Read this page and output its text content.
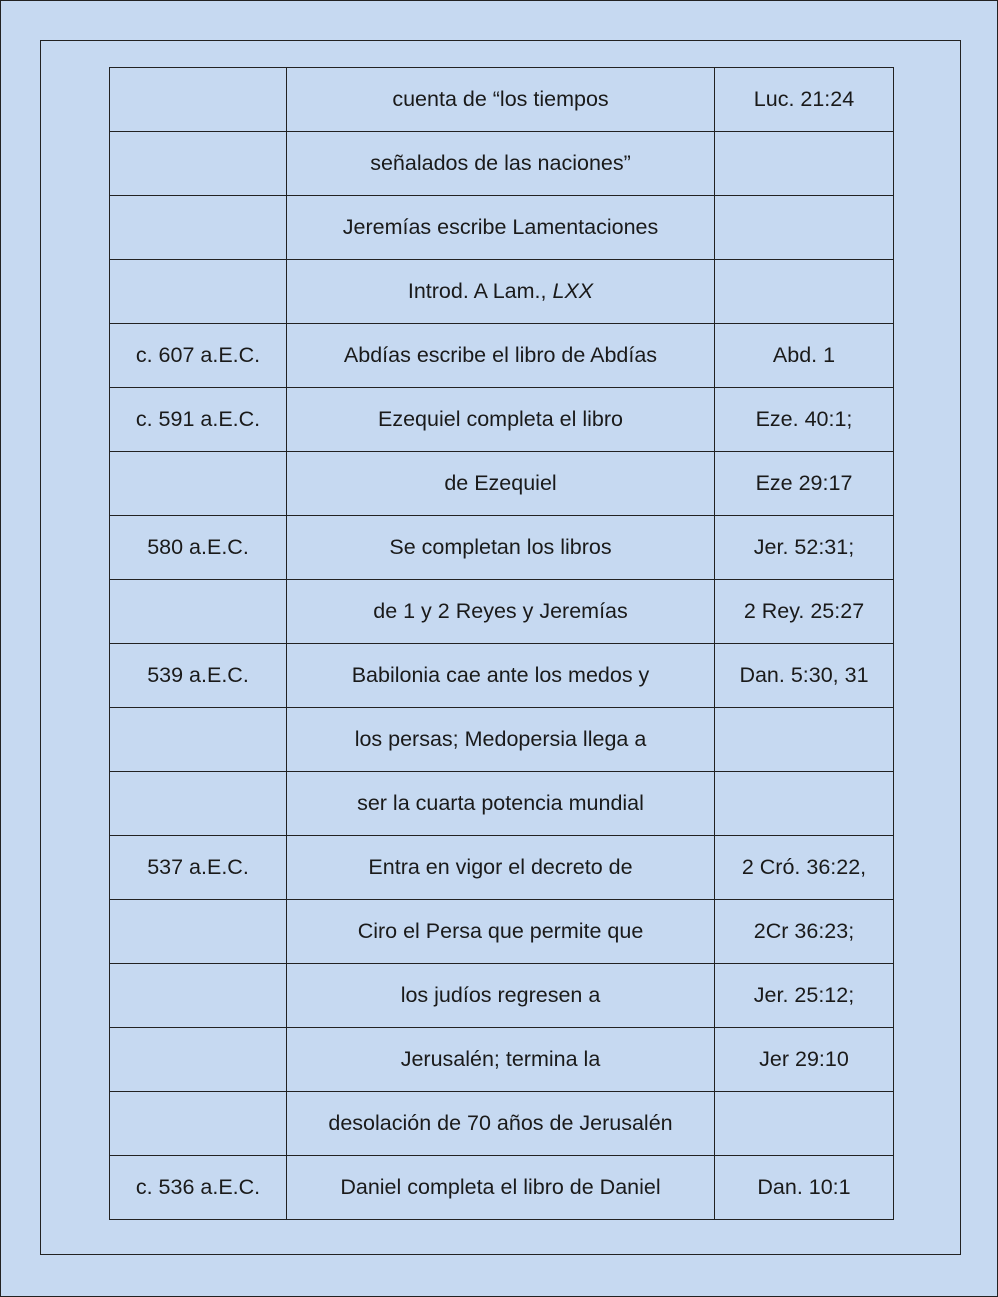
	cuenta de “los tiempos	Luc. 21:24
	señalados de las naciones”	
	Jeremías escribe Lamentaciones	
	Introd. A Lam., LXX	
c. 607 a.E.C.	Abdías escribe el libro de Abdías	Abd. 1
c. 591 a.E.C.	Ezequiel completa el libro	Eze. 40:1;
	de Ezequiel	Eze 29:17
580 a.E.C.	Se completan los libros	Jer. 52:31;
	de 1 y 2 Reyes y Jeremías	2 Rey. 25:27
539 a.E.C.	Babilonia cae ante los medos y	Dan. 5:30, 31
	los persas; Medopersia llega a	
	ser la cuarta potencia mundial	
537 a.E.C.	Entra en vigor el decreto de	2 Cró. 36:22,
	Ciro el Persa que permite que	2Cr 36:23;
	los judíos regresen a	Jer. 25:12;
	Jerusalén; termina la	Jer 29:10
	desolación de 70 años de Jerusalén	
c. 536 a.E.C.	Daniel completa el libro de Daniel	Dan. 10:1
